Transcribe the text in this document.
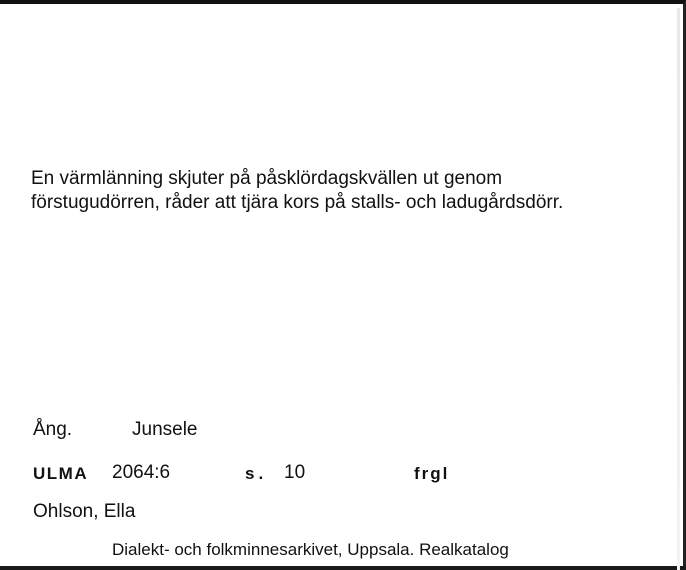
En värmlänning skjuter på påsklördagskvällen ut genom
förstugudörren, råder att tjära kors på stalls- och ladugårdsdörr.

Ång.	Junsele
ULMA 2064:6	s. 10	frgl
Ohlson, Ella
Dialekt- och folkminnesarkivet, Uppsala. Realkatalog
